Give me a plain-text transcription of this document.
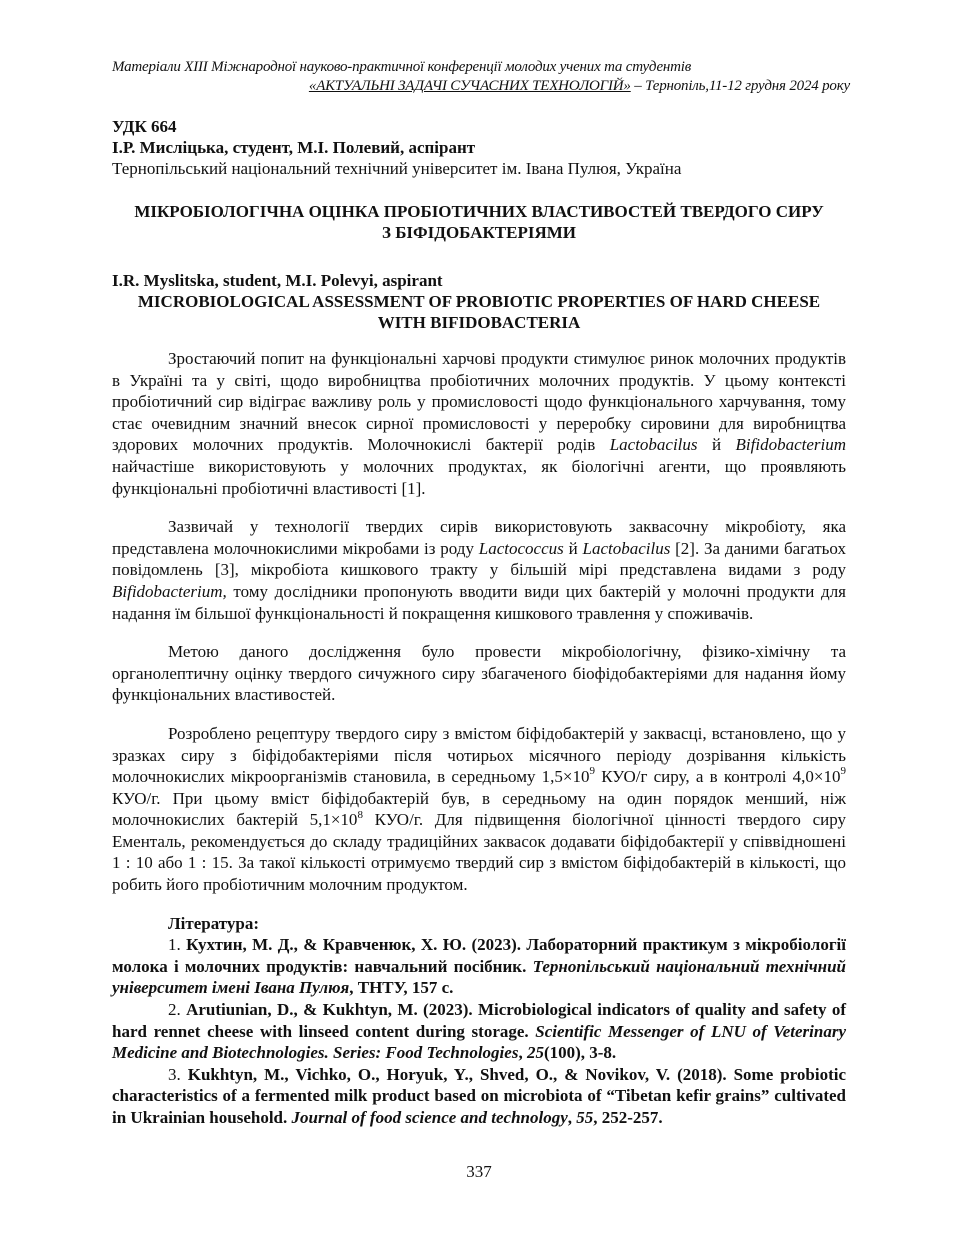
Матеріали XIII Міжнародної науково-практичної конференції молодих учених та студентів
«АКТУАЛЬНІ ЗАДАЧІ СУЧАСНИХ ТЕХНОЛОГІЙ» – Тернопіль,11-12 грудня 2024 року
УДК 664
І.Р. Мисліцька, студент, М.І. Полевий, аспірант
Тернопільський національний технічний університет ім. Івана Пулюя, Україна
МІКРОБІОЛОГІЧНА ОЦІНКА ПРОБІОТИЧНИХ ВЛАСТИВОСТЕЙ ТВЕРДОГО СИРУ З БІФІДОБАКТЕРІЯМИ
I.R. Myslitska, student, M.I. Polevyi, aspirant
MICROBIOLOGICAL ASSESSMENT OF PROBIOTIC PROPERTIES OF HARD CHEESE WITH BIFIDOBACTERIA

Зростаючий попит на функціональні харчові продукти стимулює ринок молочних продуктів в Україні та у світі, щодо виробництва пробіотичних молочних продуктів. У цьому контексті пробіотичний сир відіграє важливу роль у промисловості щодо функціонального харчування, тому стає очевидним значний внесок сирної промисловості у переробку сировини для виробництва здорових молочних продуктів. Молочнокислі бактерії родів Lactobacilus й Bifidobacterium найчастіше використовують у молочних продуктах, як біологічні агенти, що проявляють функціональні пробіотичні властивості [1].

Зазвичай у технології твердих сирів використовують заквасочну мікробіоту, яка представлена молочнокислими мікробами із роду Lactococcus й Lactobacilus [2]. За даними багатьох повідомлень [3], мікробіота кишкового тракту у більшій мірі представлена видами з роду Bifidobacterium, тому дослідники пропонують вводити види цих бактерій у молочні продукти для надання їм більшої функціональності й покращення кишкового травлення у споживачів.

Метою даного дослідження було провести мікробіологічну, фізико-хімічну та органолептичну оцінку твердого сичужного сиру збагаченого біофідобактеріями для надання йому функціональних властивостей.

Розроблено рецептуру твердого сиру з вмістом біфідобактерій у заквасці, встановлено, що у зразках сиру з біфідобактеріями після чотирьох місячного періоду дозрівання кількість молочнокислих мікроорганізмів становила, в середньому $1,5\times 10^9$ КУО/г сиру, а в контролі $4,0\times 10^9$ КУО/г. При цьому вміст біфідобактерій був, в середньому на один порядок менший, ніж молочнокислих бактерій $5,1\times 10^8$ КУО/г. Для підвищення біологічної цінності твердого сиру Ементаль, рекомендується до складу традиційних заквасок додавати біфідобактерії у співвідношені 1 : 10 або 1 : 15. За такої кількості отримуємо твердий сир з вмістом біфідобактерій в кількості, що робить його пробіотичним молочним продуктом.

Література:
1. Кухтин, М. Д., & Кравченюк, Х. Ю. (2023). Лабораторний практикум з мікробіології молока і молочних продуктів: навчальний посібник. Тернопільський національний технічний університет імені Івана Пулюя, ТНТУ, 157 с.
2. Arutiunian, D., & Kukhtyn, M. (2023). Microbiological indicators of quality and safety of hard rennet cheese with linseed content during storage. Scientific Messenger of LNU of Veterinary Medicine and Biotechnologies. Series: Food Technologies, 25(100), 3-8.
3. Kukhtyn, M., Vichko, O., Horyuk, Y., Shved, O., & Novikov, V. (2018). Some probiotic characteristics of a fermented milk product based on microbiota of “Tibetan kefir grains” cultivated in Ukrainian household. Journal of food science and technology, 55, 252-257.
337
